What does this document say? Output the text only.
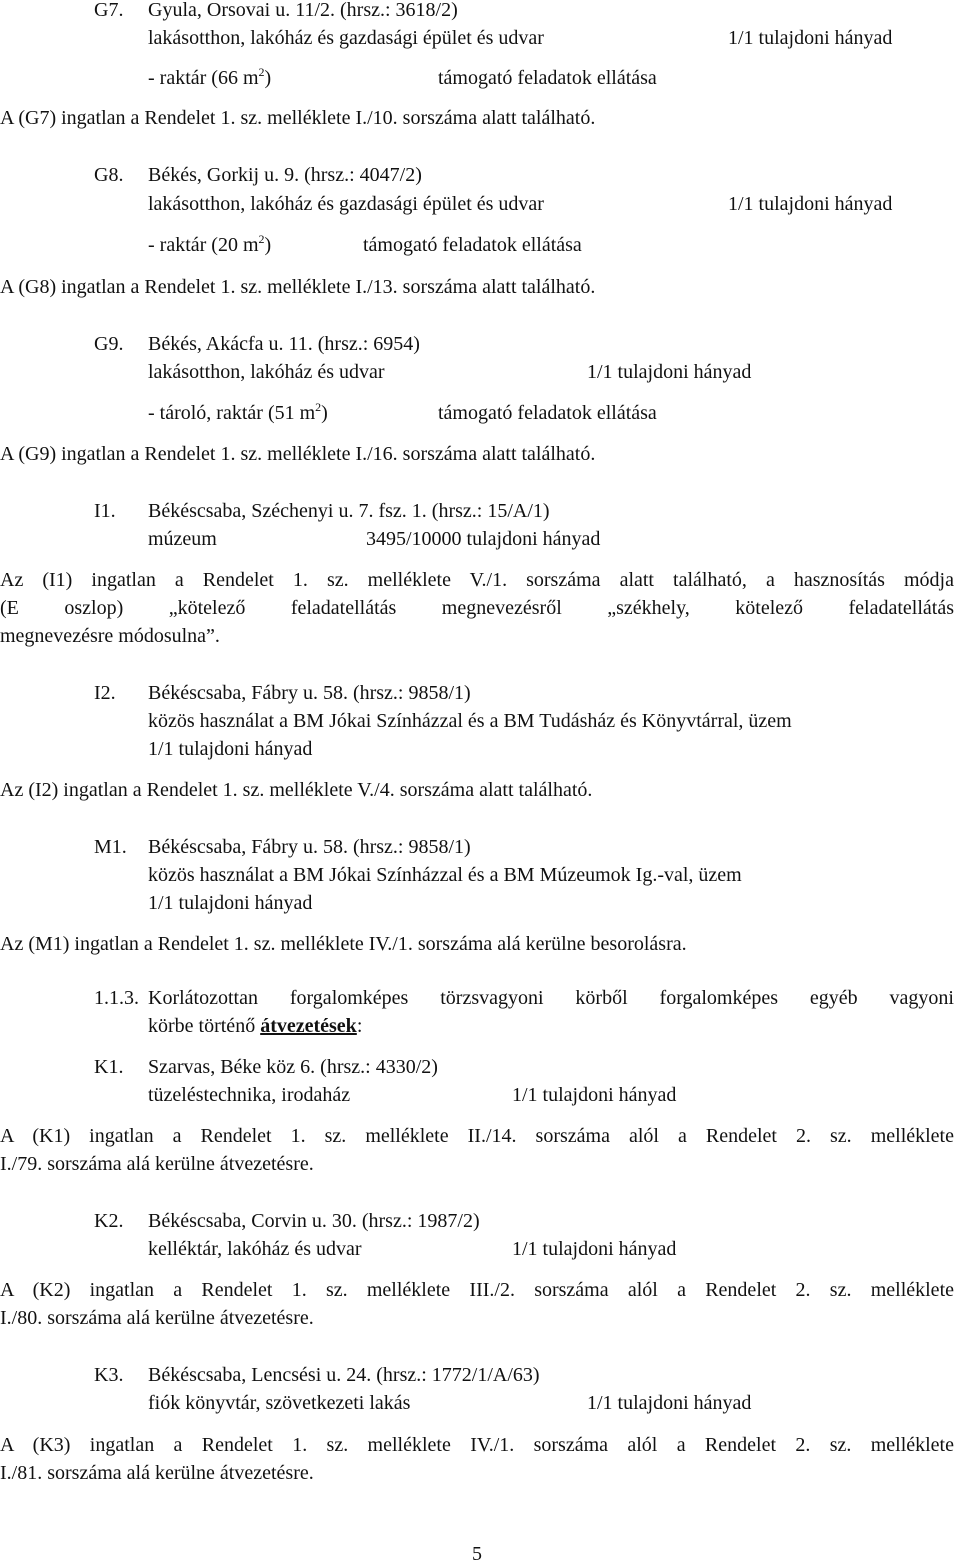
G7. Gyula, Orsovai u. 11/2. (hrsz.: 3618/2)
lakásotthon, lakóház és gazdasági épület és udvar	1/1 tulajdoni hányad
- raktár (66 $m^2$)	támogató feladatok ellátása
A (G7) ingatlan a Rendelet 1. sz. melléklete I./10. sorszáma alatt található.
G8. Békés, Gorkij u. 9. (hrsz.: 4047/2)
lakásotthon, lakóház és gazdasági épület és udvar	1/1 tulajdoni hányad
- raktár (20 $m^2$)	támogató feladatok ellátása
A (G8) ingatlan a Rendelet 1. sz. melléklete I./13. sorszáma alatt található.
G9. Békés, Akácfa u. 11. (hrsz.: 6954)
lakásotthon, lakóház és udvar	1/1 tulajdoni hányad
- tároló, raktár (51 $m^2$)	támogató feladatok ellátása
A (G9) ingatlan a Rendelet 1. sz. melléklete I./16. sorszáma alatt található.
I1. Békéscsaba, Széchenyi u. 7. fsz. 1. (hrsz.: 15/A/1)
múzeum	3495/10000 tulajdoni hányad
Az (I1) ingatlan a Rendelet 1. sz. melléklete V./1. sorszáma alatt található, a hasznosítás módja
(E oszlop) „kötelező feladatellátás megnevezésről „székhely, kötelező feladatellátás
megnevezésre módosulna”.
I2. Békéscsaba, Fábry u. 58. (hrsz.: 9858/1)
közös használat a BM Jókai Színházzal és a BM Tudásház és Könyvtárral, üzem
1/1 tulajdoni hányad
Az (I2) ingatlan a Rendelet 1. sz. melléklete V./4. sorszáma alatt található.
M1. Békéscsaba, Fábry u. 58. (hrsz.: 9858/1)
közös használat a BM Jókai Színházzal és a BM Múzeumok Ig.-val, üzem
1/1 tulajdoni hányad
Az (M1) ingatlan a Rendelet 1. sz. melléklete IV./1. sorszáma alá kerülne besorolásra.
1.1.3. Korlátozottan forgalomképes törzsvagyoni körből forgalomképes egyéb vagyoni
körbe történő átvezetések:
K1. Szarvas, Béke köz 6. (hrsz.: 4330/2)
tüzeléstechnika, irodaház	1/1 tulajdoni hányad
A (K1) ingatlan a Rendelet 1. sz. melléklete II./14. sorszáma alól a Rendelet 2. sz. melléklete
I./79. sorszáma alá kerülne átvezetésre.
K2. Békéscsaba, Corvin u. 30. (hrsz.: 1987/2)
kelléktár, lakóház és udvar	1/1 tulajdoni hányad
A (K2) ingatlan a Rendelet 1. sz. melléklete III./2. sorszáma alól a Rendelet 2. sz. melléklete
I./80. sorszáma alá kerülne átvezetésre.
K3. Békéscsaba, Lencsési u. 24. (hrsz.: 1772/1/A/63)
fiók könyvtár, szövetkezeti lakás	1/1 tulajdoni hányad
A (K3) ingatlan a Rendelet 1. sz. melléklete IV./1. sorszáma alól a Rendelet 2. sz. melléklete
I./81. sorszáma alá kerülne átvezetésre.
5
